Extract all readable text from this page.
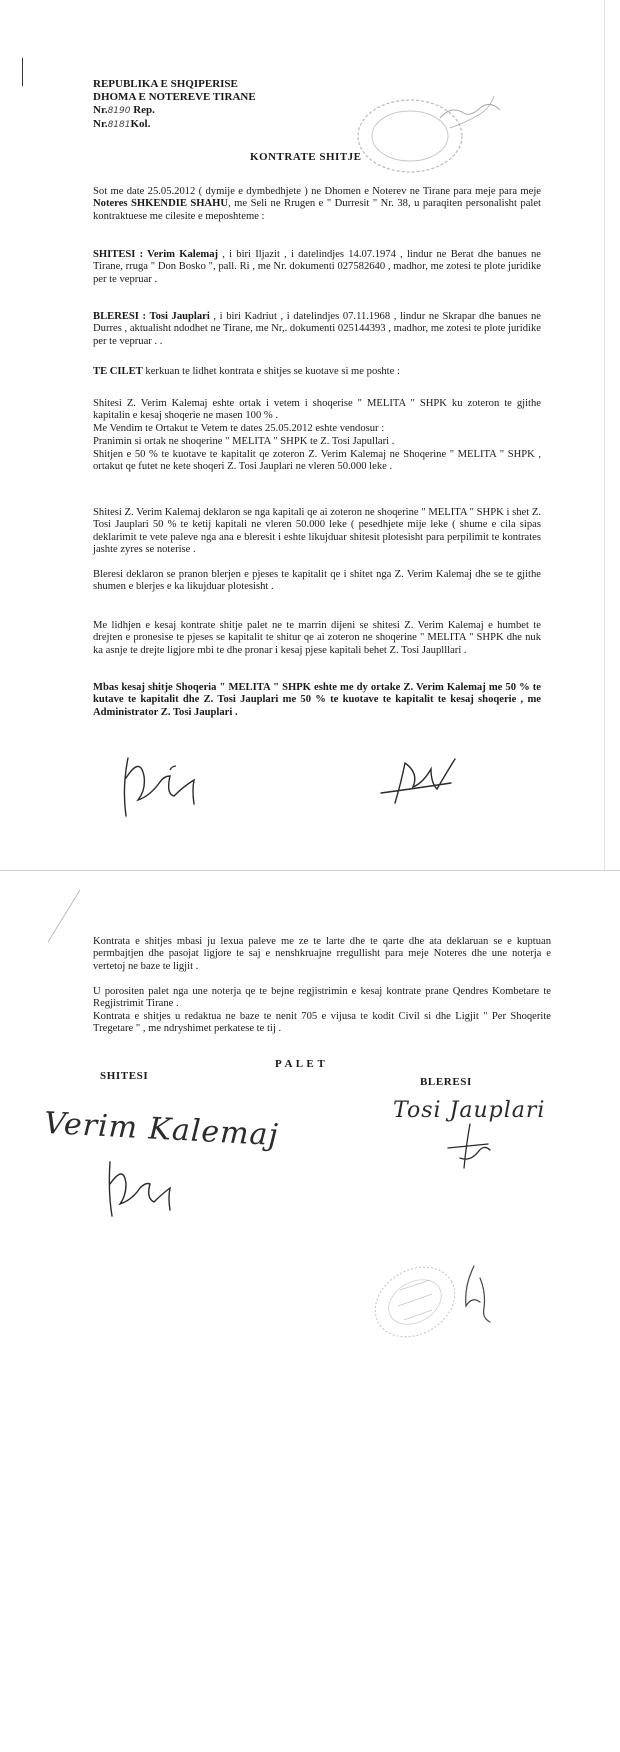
REPUBLIKA E SHQIPERISE
DHOMA E NOTEREVE TIRANE
Nr.8190 Rep.
Nr.8181Kol.
KONTRATE SHITJE
Sot me date 25.05.2012 ( dymije e dymbedhjete ) ne Dhomen e Noterev ne Tirane para meje para meje Noteres SHKENDIE SHAHU, me Seli ne Rrugen e " Durresit " Nr. 38, u paraqiten personalisht palet kontraktuese me cilesite e meposhteme :
SHITESI : Verim Kalemaj , i biri Iljazit , i datelindjes 14.07.1974 , lindur ne Berat dhe banues ne Tirane, rruga " Don Bosko ", pall. Ri , me Nr. dokumenti 027582640 , madhor, me zotesi te plote juridike per te vepruar .
BLERESI : Tosi Jauplari , i biri Kadriut , i datelindjes 07.11.1968 , lindur ne Skrapar dhe banues ne Durres , aktualisht ndodhet ne Tirane, me Nr,. dokumenti 025144393 , madhor, me zotesi te plote juridike per te vepruar . .
TE CILET kerkuan te lidhet kontrata e shitjes se kuotave si me poshte :
Shitesi Z. Verim Kalemaj eshte ortak i vetem i shoqerise " MELITA " SHPK ku zoteron te gjithe kapitalin e kesaj shoqerie ne masen 100 % .
Me Vendim te Ortakut te Vetem te dates 25.05.2012 eshte vendosur :
Pranimin si ortak ne shoqerine " MELITA " SHPK te Z. Tosi Japullari .
Shitjen e 50 % te kuotave te kapitalit qe zoteron Z. Verim Kalemaj ne Shoqerine " MELITA " SHPK , ortakut qe futet ne kete shoqeri Z. Tosi Jauplari ne vleren 50.000 leke .
Shitesi Z. Verim Kalemaj deklaron se nga kapitali qe ai zoteron ne shoqerine " MELITA " SHPK i shet Z. Tosi Jauplari 50 % te ketij kapitali ne vleren 50.000 leke ( pesedhjete mije leke ( shume e cila sipas deklarimit te vete paleve nga ana e bleresit i eshte likujduar shitesit plotesisht para perpilimit te kontrates jashte zyres se noterise .
Bleresi deklaron se pranon blerjen e pjeses te kapitalit qe i shitet nga Z. Verim Kalemaj dhe se te gjithe shumen e blerjes e ka likujduar plotesisht .
Me lidhjen e kesaj kontrate shitje palet ne te marrin dijeni se shitesi Z. Verim Kalemaj e humbet te drejten e pronesise te pjeses se kapitalit te shitur qe ai zoteron ne shoqerine " MELITA " SHPK dhe nuk ka asnje te drejte ligjore mbi te dhe pronar i kesaj pjese kapitali behet Z. Tosi Jauplllari .
Mbas kesaj shitje Shoqeria " MELITA " SHPK eshte me dy ortake Z. Verim Kalemaj me 50 % te kutave te kapitalit dhe Z. Tosi Jauplari me 50 % te kuotave te kapitalit te kesaj shoqerie , me Administrator Z. Tosi Jauplari .
Kontrata e shitjes mbasi ju lexua paleve me ze te larte dhe te qarte dhe ata deklaruan se e kuptuan permbajtjen dhe pasojat ligjore te saj e nenshkruajne rregullisht para meje Noteres dhe une noterja e vertetoj ne baze te ligjit .
U porositen palet nga une noterja qe te bejne regjistrimin e kesaj kontrate prane Qendres Kombetare te Regjistrimit Tirane .
Kontrata e shitjes u redaktua ne baze te nenit 705 e vijusa te kodit Civil si dhe Ligjit " Per Shoqerite Tregetare " , me ndryshimet perkatese te tij .
P A L E T
SHITESI	BLERESI
Verim Kalemaj	Tosi Jauplari
